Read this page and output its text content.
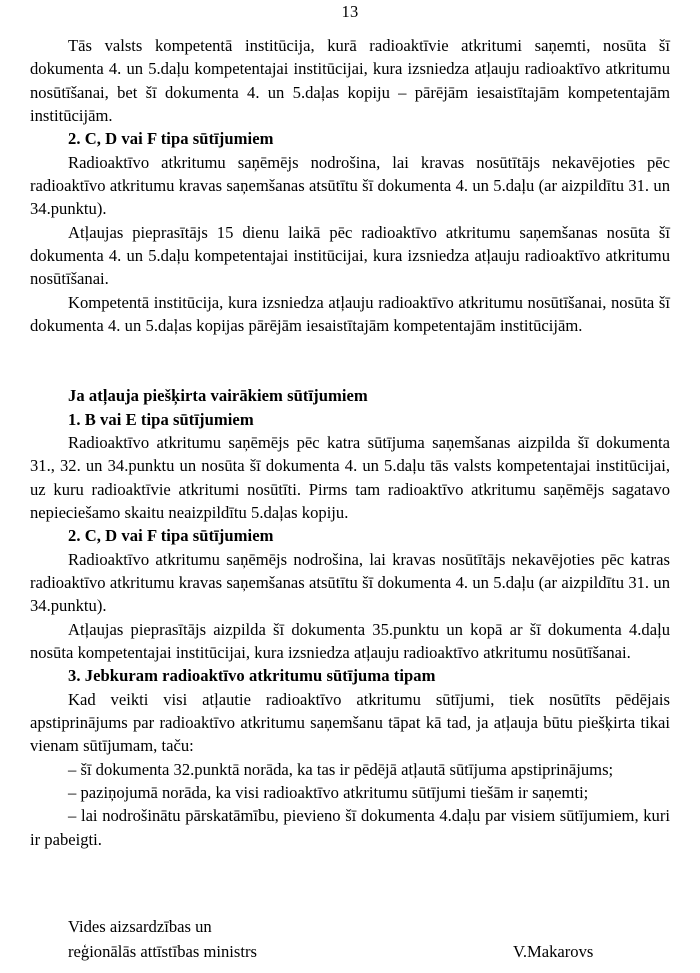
13

Tās valsts kompetentā institūcija, kurā radioaktīvie atkritumi saņemti, nosūta šī dokumenta 4. un 5.daļu kompetentajai institūcijai, kura izsniedza atļauju radioaktīvo atkritumu nosūtīšanai, bet šī dokumenta 4. un 5.daļas kopiju – pārējām iesaistītajām kompetentajām institūcijām.

2. C, D vai F tipa sūtījumiem

Radioaktīvo atkritumu saņēmējs nodrošina, lai kravas nosūtītājs nekavējoties pēc radioaktīvo atkritumu kravas saņemšanas atsūtītu šī dokumenta 4. un 5.daļu (ar aizpildītu 31. un 34.punktu).

Atļaujas pieprasītājs 15 dienu laikā pēc radioaktīvo atkritumu saņemšanas nosūta šī dokumenta 4. un 5.daļu kompetentajai institūcijai, kura izsniedza atļauju radioaktīvo atkritumu nosūtīšanai.

Kompetentā institūcija, kura izsniedza atļauju radioaktīvo atkritumu nosūtīšanai, nosūta šī dokumenta 4. un 5.daļas kopijas pārējām iesaistītajām kompetentajām institūcijām.

Ja atļauja piešķirta vairākiem sūtījumiem
1. B vai E tipa sūtījumiem

Radioaktīvo atkritumu saņēmējs pēc katra sūtījuma saņemšanas aizpilda šī dokumenta 31., 32. un 34.punktu un nosūta šī dokumenta 4. un 5.daļu tās valsts kompetentajai institūcijai, uz kuru radioaktīvie atkritumi nosūtīti. Pirms tam radioaktīvo atkritumu saņēmējs sagatavo nepieciešamo skaitu neaizpildītu 5.daļas kopiju.

2. C, D vai F tipa sūtījumiem

Radioaktīvo atkritumu saņēmējs nodrošina, lai kravas nosūtītājs nekavējoties pēc katras radioaktīvo atkritumu kravas saņemšanas atsūtītu šī dokumenta 4. un 5.daļu (ar aizpildītu 31. un 34.punktu).

Atļaujas pieprasītājs aizpilda šī dokumenta 35.punktu un kopā ar šī dokumenta 4.daļu nosūta kompetentajai institūcijai, kura izsniedza atļauju radioaktīvo atkritumu nosūtīšanai.

3. Jebkuram radioaktīvo atkritumu sūtījuma tipam

Kad veikti visi atļautie radioaktīvo atkritumu sūtījumi, tiek nosūtīts pēdējais apstiprinājums par radioaktīvo atkritumu saņemšanu tāpat kā tad, ja atļauja būtu piešķirta tikai vienam sūtījumam, taču:

– šī dokumenta 32.punktā norāda, ka tas ir pēdējā atļautā sūtījuma apstiprinājums;

– paziņojumā norāda, ka visi radioaktīvo atkritumu sūtījumi tiešām ir saņemti;

– lai nodrošinātu pārskatāmību, pievieno šī dokumenta 4.daļu par visiem sūtījumiem, kuri ir pabeigti.

Vides aizsardzības un
reģionālās attīstības ministrs	V.Makarovs
